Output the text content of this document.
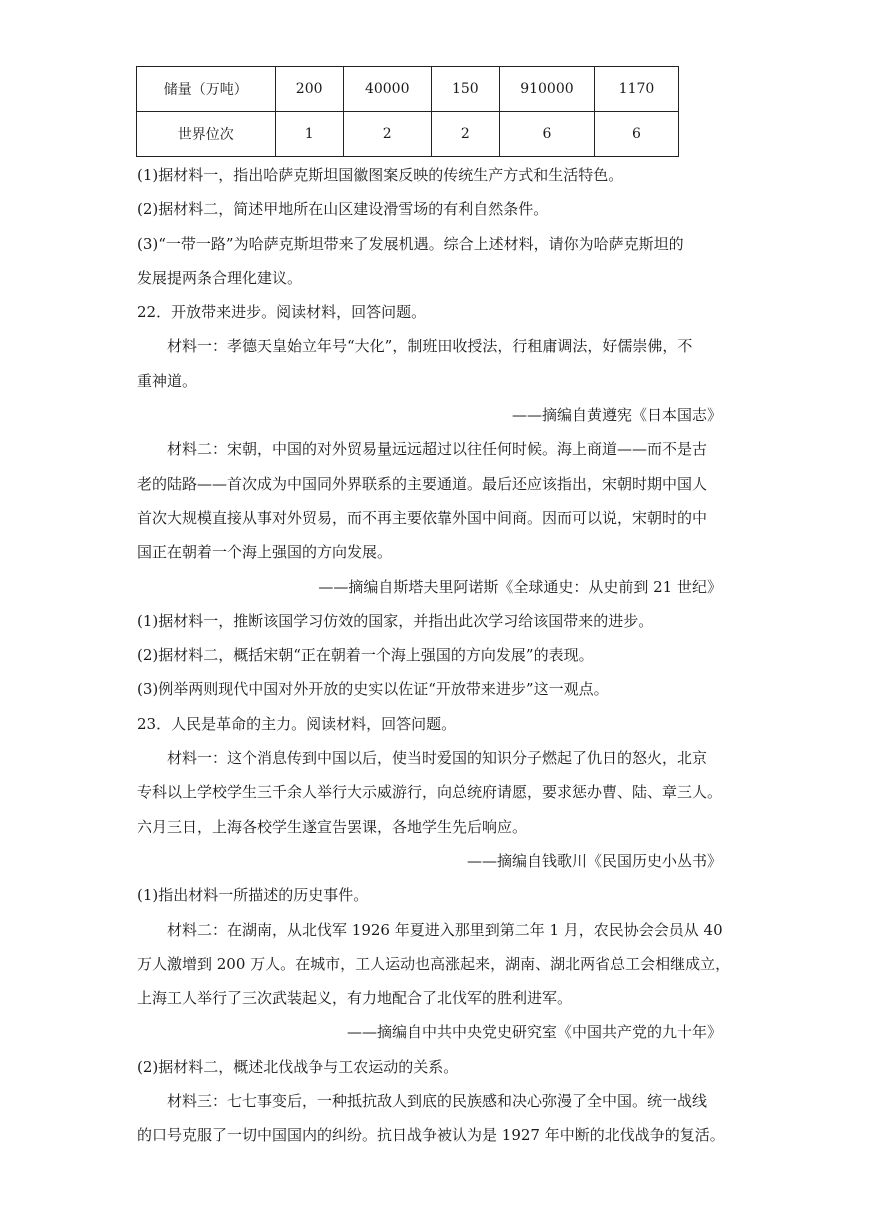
储量（万吨）	200	40000	150	910000	1170
世界位次	1	2	2	6	6

(1)据材料一，指出哈萨克斯坦国徽图案反映的传统生产方式和生活特色。

(2)据材料二，简述甲地所在山区建设滑雪场的有利自然条件。

(3)“一带一路”为哈萨克斯坦带来了发展机遇。综合上述材料，请你为哈萨克斯坦的

发展提两条合理化建议。

22．开放带来进步。阅读材料，回答问题。

材料一：孝德天皇始立年号“大化”，制班田收授法，行租庸调法，好儒崇佛，不

重神道。

——摘编自黄遵宪《日本国志》

材料二：宋朝，中国的对外贸易量远远超过以往任何时候。海上商道——而不是古

老的陆路——首次成为中国同外界联系的主要通道。最后还应该指出，宋朝时期中国人

首次大规模直接从事对外贸易，而不再主要依靠外国中间商。因而可以说，宋朝时的中

国正在朝着一个海上强国的方向发展。

——摘编自斯塔夫里阿诺斯《全球通史：从史前到 21 世纪》

(1)据材料一，推断该国学习仿效的国家，并指出此次学习给该国带来的进步。

(2)据材料二，概括宋朝“正在朝着一个海上强国的方向发展”的表现。

(3)例举两则现代中国对外开放的史实以佐证“开放带来进步”这一观点。

23．人民是革命的主力。阅读材料，回答问题。

材料一：这个消息传到中国以后，使当时爱国的知识分子燃起了仇日的怒火，北京

专科以上学校学生三千余人举行大示威游行，向总统府请愿，要求惩办曹、陆、章三人。

六月三日，上海各校学生遂宣告罢课，各地学生先后响应。

——摘编自钱歌川《民国历史小丛书》

(1)指出材料一所描述的历史事件。

材料二：在湖南，从北伐军 1926 年夏进入那里到第二年 1 月，农民协会会员从 40

万人激增到 200 万人。在城市，工人运动也高涨起来，湖南、湖北两省总工会相继成立，

上海工人举行了三次武装起义，有力地配合了北伐军的胜利进军。

——摘编自中共中央党史研究室《中国共产党的九十年》

(2)据材料二，概述北伐战争与工农运动的关系。

材料三：七七事变后，一种抵抗敌人到底的民族感和决心弥漫了全中国。统一战线

的口号克服了一切中国国内的纠纷。抗日战争被认为是 1927 年中断的北伐战争的复活。
